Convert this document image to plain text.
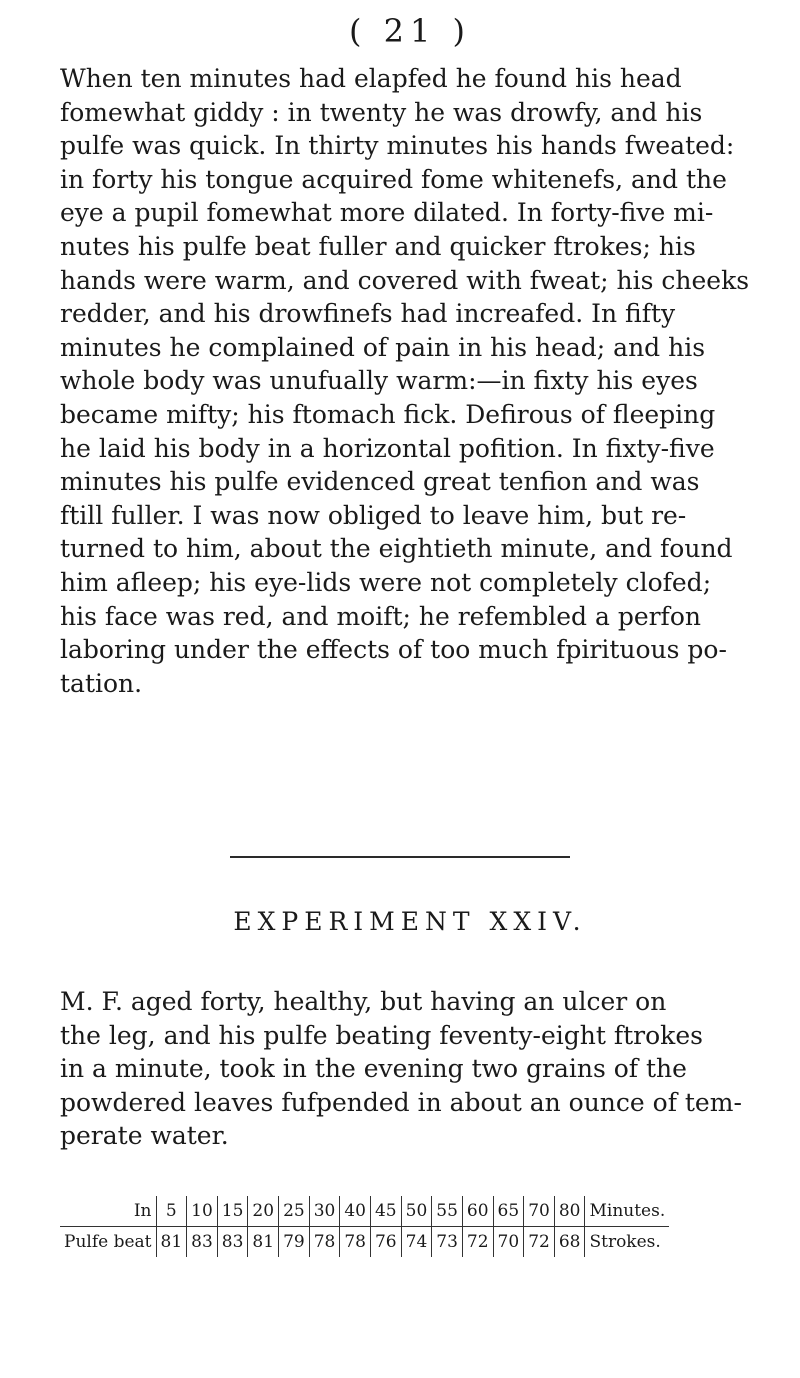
( 21 )
When ten minutes had elapfed he found his head
fomewhat giddy : in twenty he was drowfy, and his
pulfe was quick. In thirty minutes his hands fweated:
in forty his tongue acquired fome whitenefs, and the
eye a pupil fomewhat more dilated. In forty-five mi-
nutes his pulfe beat fuller and quicker ftrokes; his
hands were warm, and covered with fweat; his cheeks
redder, and his drowfinefs had increafed. In fifty
minutes he complained of pain in his head; and his
whole body was unufually warm:—in fixty his eyes
became mifty; his ftomach fick. Defirous of fleeping
he laid his body in a horizontal pofition. In fixty-five
minutes his pulfe evidenced great tenfion and was
ftill fuller. I was now obliged to leave him, but re-
turned to him, about the eightieth minute, and found
him afleep; his eye-lids were not completely clofed;
his face was red, and moift; he refembled a perfon
laboring under the effects of too much fpirituous po-
tation.
EXPERIMENT XXIV.
M. F. aged forty, healthy, but having an ulcer on
the leg, and his pulfe beating feventy-eight ftrokes
in a minute, took in the evening two grains of the
powdered leaves fufpended in about an ounce of tem-
perate water.
In	5	10	15	20	25	30	40	45	50	55	60	65	70	80	Minutes.
Pulfe beat	81	83	83	81	79	78	78	76	74	73	72	70	72	68	Strokes.
